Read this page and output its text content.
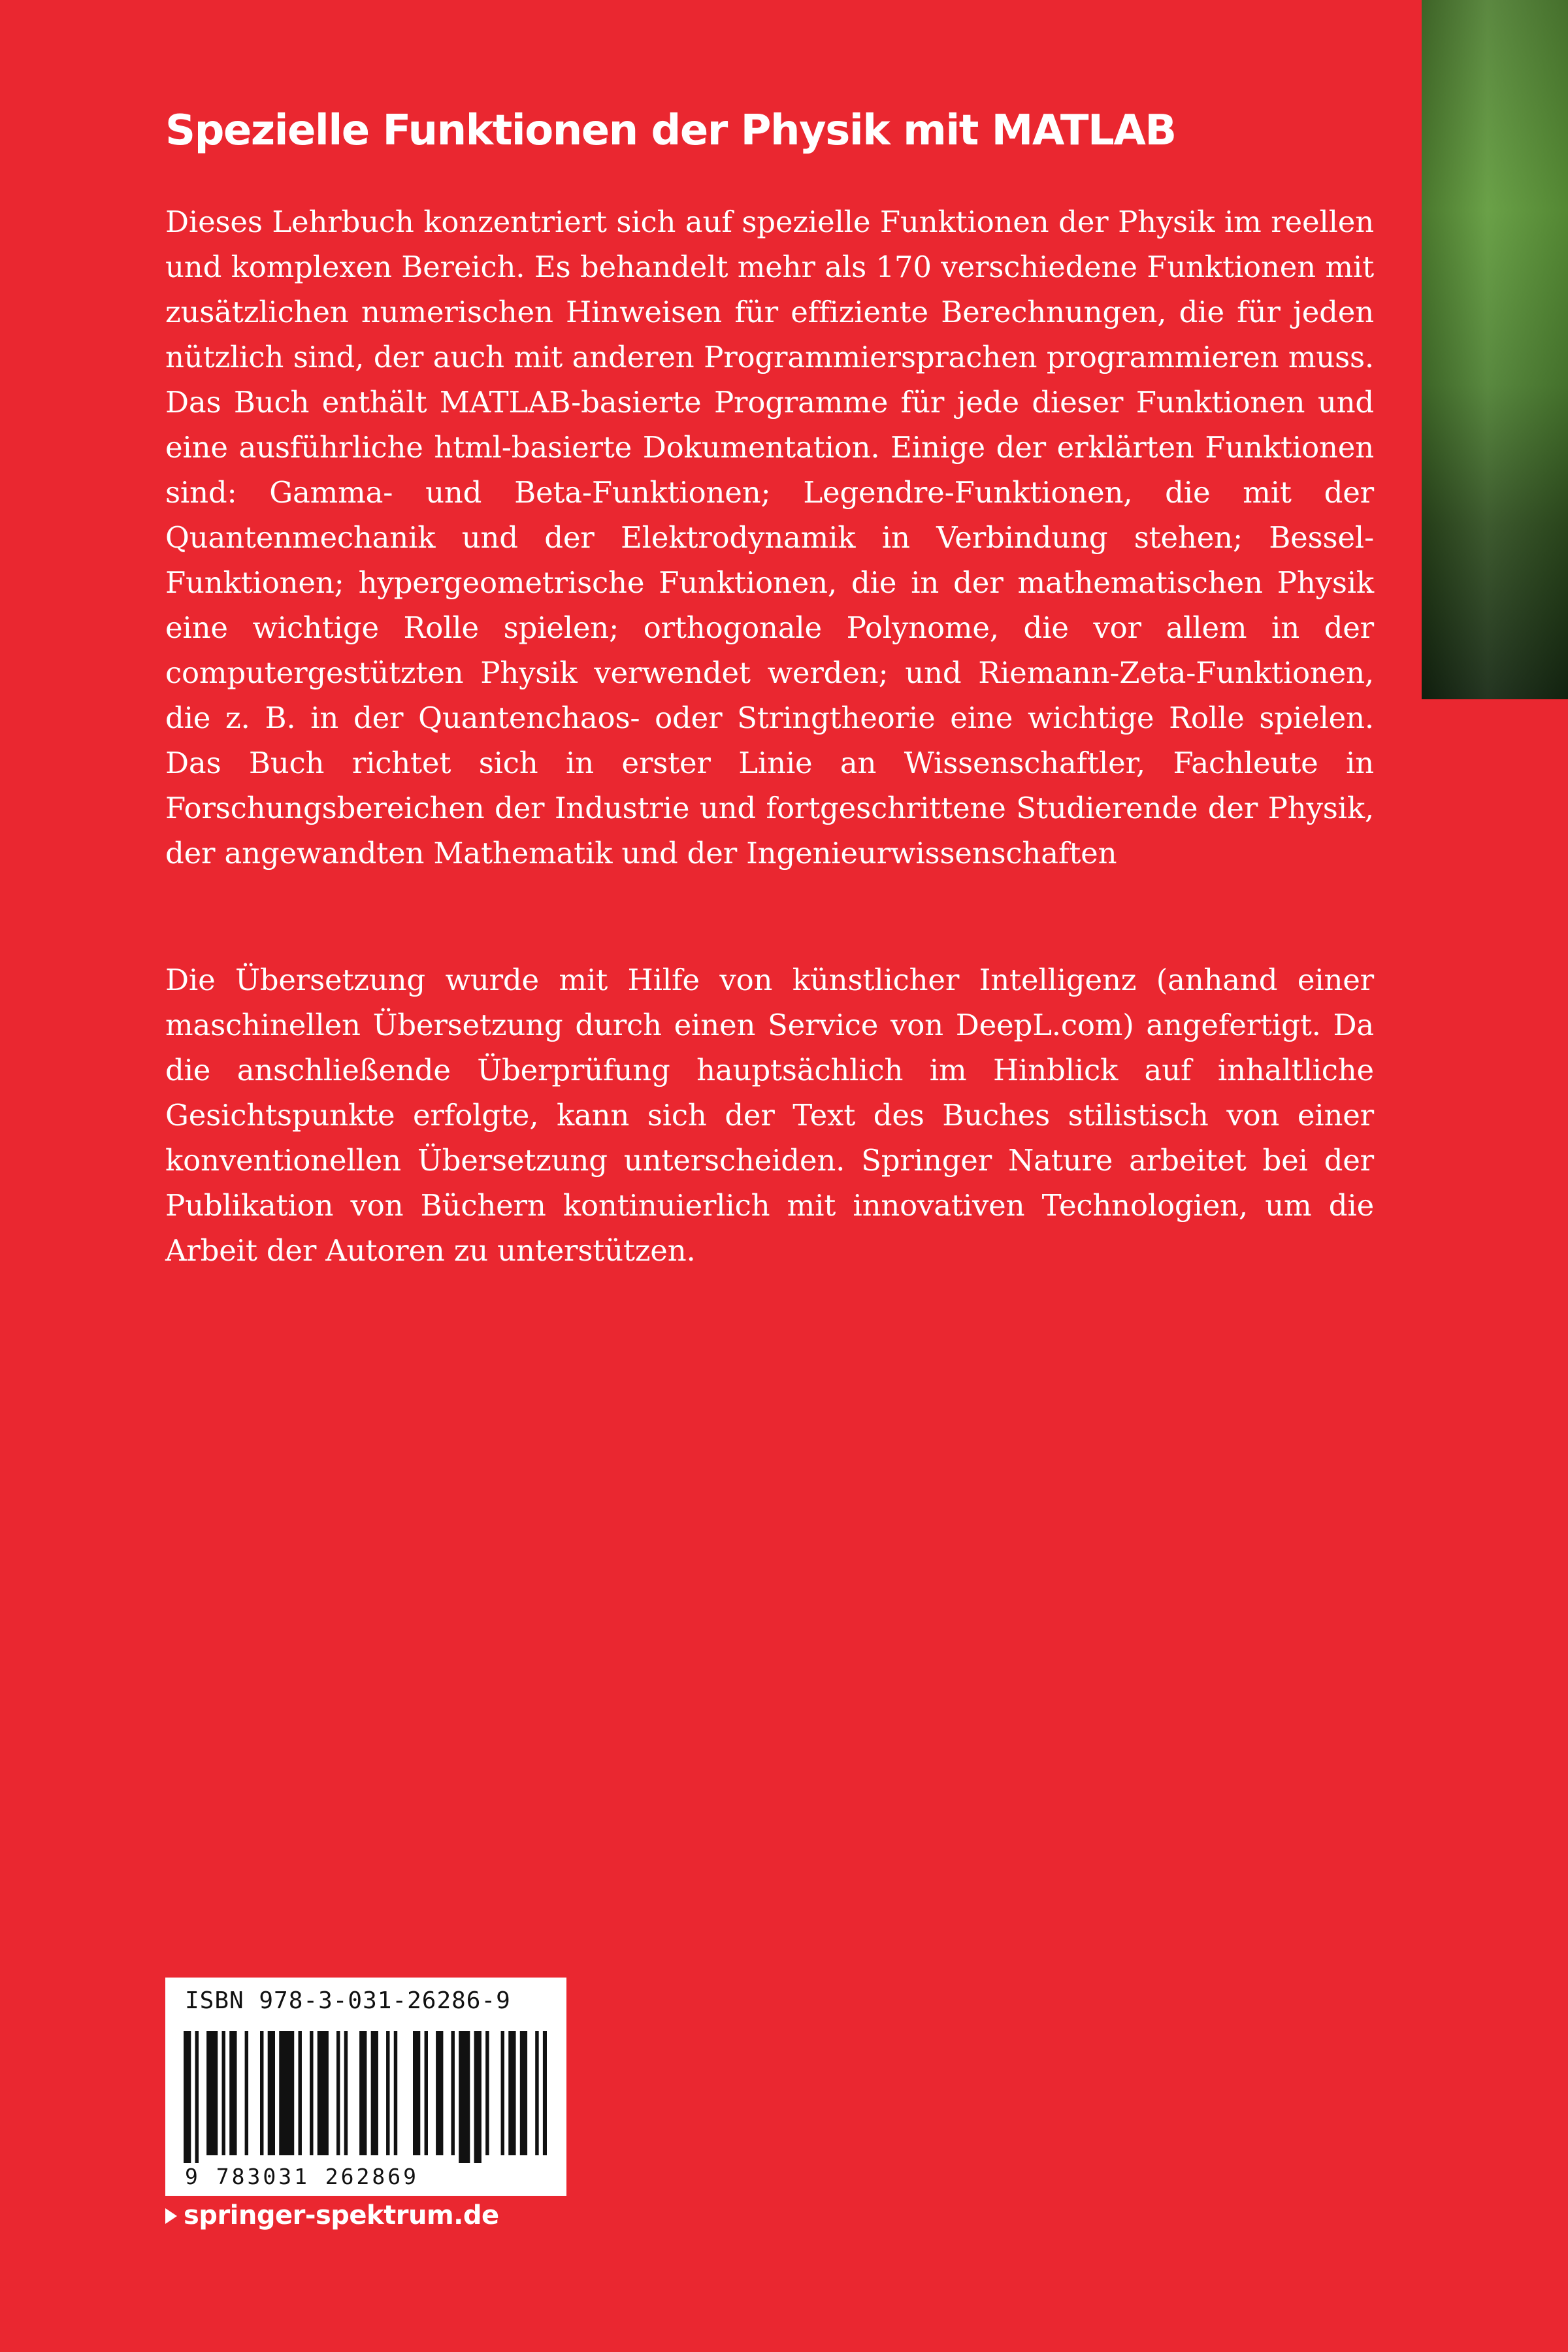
Spezielle Funktionen der Physik mit MATLAB

Dieses Lehrbuch konzentriert sich auf spezielle Funktionen der Physik im reellen und komplexen Bereich. Es behandelt mehr als 170 verschiedene Funktionen mit zusätzlichen numerischen Hinweisen für effiziente Berechnungen, die für jeden nützlich sind, der auch mit anderen Programmiersprachen programmieren muss. Das Buch enthält MATLAB-basierte Programme für jede dieser Funktionen und eine ausführliche html-basierte Dokumentation. Einige der erklärten Funktionen sind: Gamma- und Beta-Funktionen; Legendre-Funktionen, die mit der Quantenmechanik und der Elektrodynamik in Verbindung stehen; Bessel-Funktionen; hypergeometrische Funktionen, die in der mathematischen Physik eine wichtige Rolle spielen; orthogonale Polynome, die vor allem in der computergestützten Physik verwendet werden; und Riemann-Zeta-Funktionen, die z. B. in der Quantenchaos- oder Stringtheorie eine wichtige Rolle spielen. Das Buch richtet sich in erster Linie an Wissenschaftler, Fachleute in Forschungsbereichen der Industrie und fortgeschrittene Studierende der Physik, der angewandten Mathematik und der Ingenieurwissenschaften

Die Übersetzung wurde mit Hilfe von künstlicher Intelligenz (anhand einer maschinellen Übersetzung durch einen Service von DeepL.com) angefertigt. Da die anschließende Überprüfung hauptsächlich im Hinblick auf inhaltliche Gesichtspunkte erfolgte, kann sich der Text des Buches stilistisch von einer konventionellen Übersetzung unterscheiden. Springer Nature arbeitet bei der Publikation von Büchern kontinuierlich mit innovativen Technologien, um die Arbeit der Autoren zu unterstützen.

ISBN 978-3-031-26286-9
9 783031 262869
springer-spektrum.de
